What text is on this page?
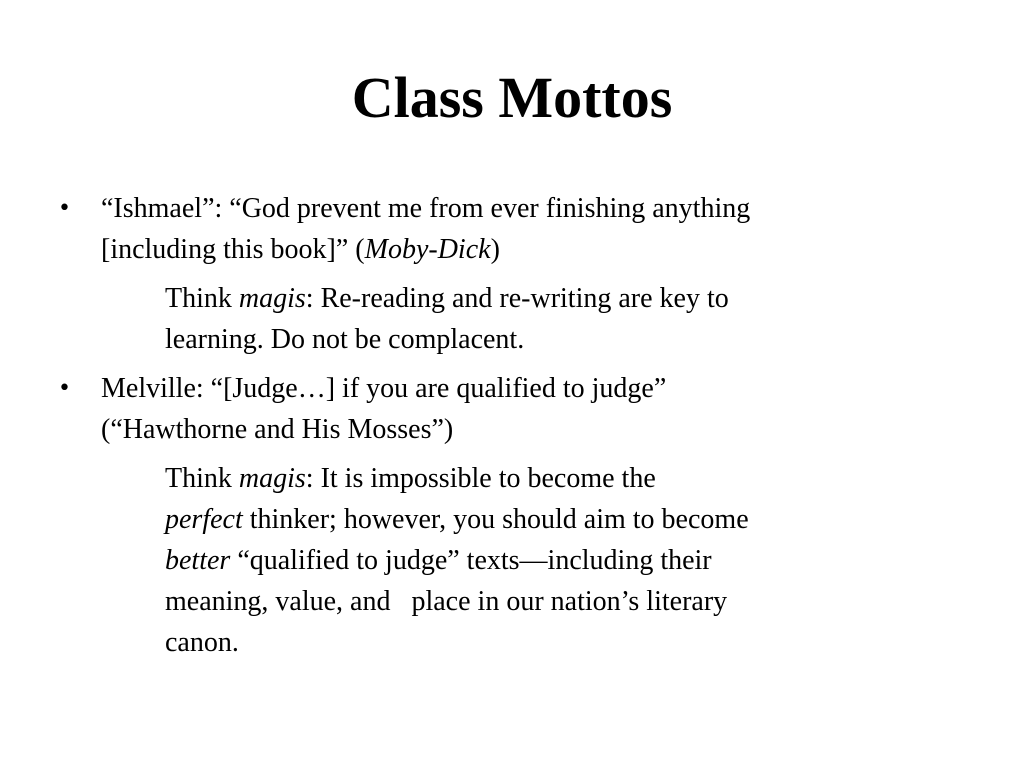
Class Mottos
• “Ishmael”: “God prevent me from ever finishing anything
[including this book]” (Moby-Dick)
Think magis: Re-reading and re-writing are key to
learning. Do not be complacent.
• Melville: “[Judge…] if you are qualified to judge”
(“Hawthorne and His Mosses”)
Think magis: It is impossible to become the
perfect thinker; however, you should aim to become
better “qualified to judge” texts—including their
meaning, value, and   place in our nation’s literary
canon.
